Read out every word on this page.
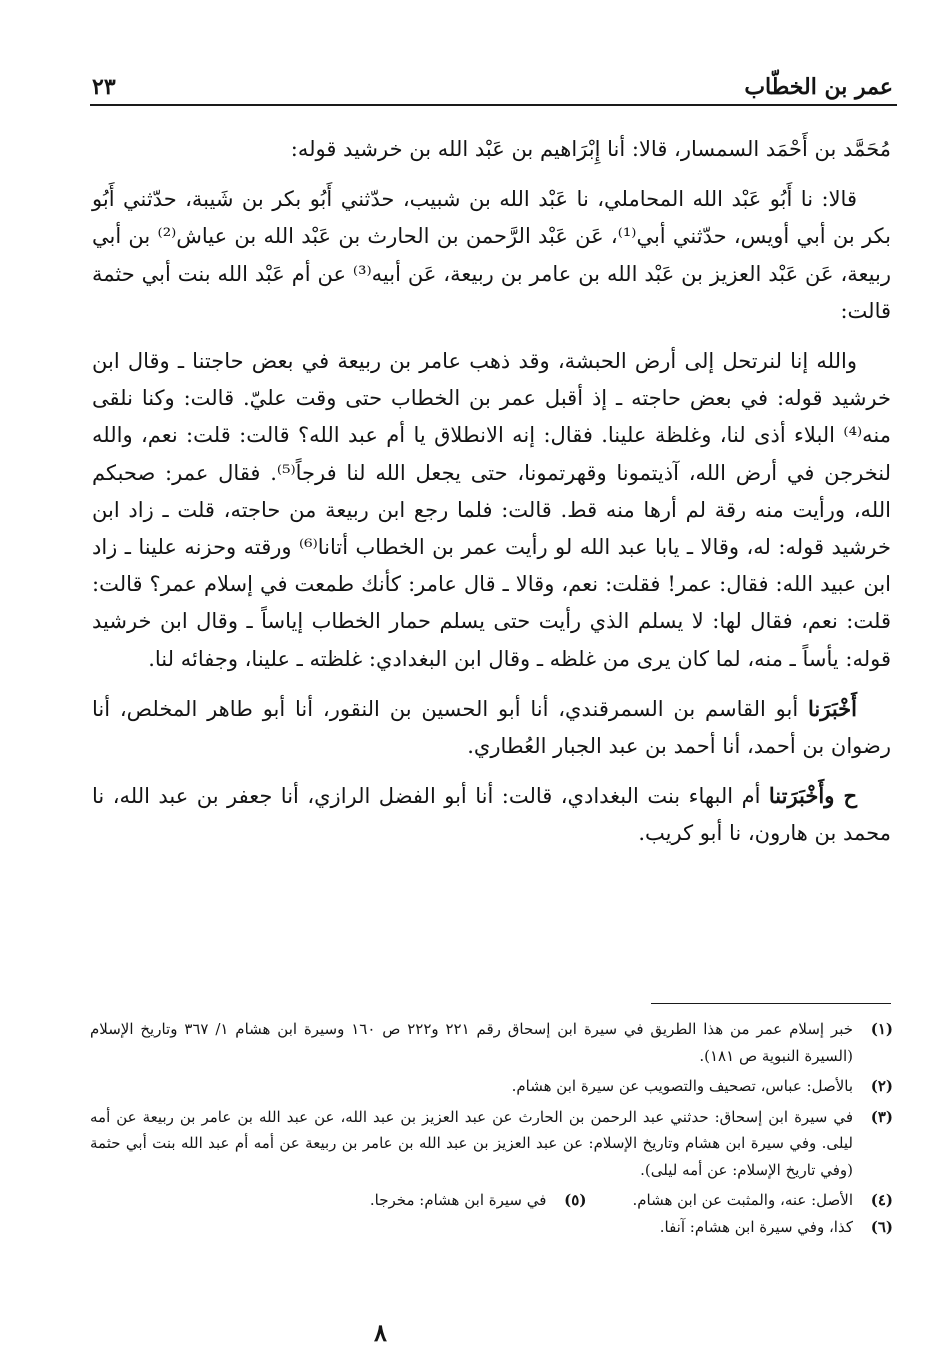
عمر بن الخطّاب
٢٣

مُحَمَّد بن أَحْمَد السمسار، قالا: أنا إِبْرَاهيم بن عَبْد الله بن خرشيد قوله:

قالا: نا أَبُو عَبْد الله المحاملي، نا عَبْد الله بن شبيب، حدّثني أَبُو بكر بن شَيبة، حدّثني أَبُو بكر بن أبي أويس، حدّثني أبي⁽¹⁾، عَن عَبْد الرَّحمن بن الحارث بن عَبْد الله بن عياش⁽²⁾ بن أبي ربيعة، عَن عَبْد العزيز بن عَبْد الله بن عامر بن ربيعة، عَن أبيه⁽³⁾ عن أم عَبْد الله بنت أبي حثمة قالت:

والله إنا لنرتحل إلى أرض الحبشة، وقد ذهب عامر بن ربيعة في بعض حاجتنا ـ وقال ابن خرشيد قوله: في بعض حاجته ـ إذ أقبل عمر بن الخطاب حتى وقت عليّ. قالت: وكنا نلقى منه⁽⁴⁾ البلاء أذى لنا، وغلظة علينا. فقال: إنه الانطلاق يا أم عبد الله؟ قالت: قلت: نعم، والله لنخرجن في أرض الله، آذيتمونا وقهرتمونا، حتى يجعل الله لنا فرجاً⁽⁵⁾. فقال عمر: صحبكم الله، ورأيت منه رقة لم أرها منه قط. قالت: فلما رجع ابن ربيعة من حاجته، قلت ـ زاد ابن خرشيد قوله: له، وقالا ـ يابا عبد الله لو رأيت عمر بن الخطاب أتانا⁽⁶⁾ ورقته وحزنه علينا ـ زاد ابن عبيد الله: فقال: عمر! فقلت: نعم، وقالا ـ قال عامر: كأنك طمعت في إسلام عمر؟ قالت: قلت: نعم، فقال لها: لا يسلم الذي رأيت حتى يسلم حمار الخطاب إياساً ـ وقال ابن خرشيد قوله: يأساً ـ منه، لما كان يرى من غلظه ـ وقال ابن البغدادي: غلظته ـ علينا، وجفائه لنا.

أَخْبَرَنا أبو القاسم بن السمرقندي، أنا أبو الحسين بن النقور، أنا أبو طاهر المخلص، أنا رضوان بن أحمد، أنا أحمد بن عبد الجبار العُطاري.

ح وأَخْبَرَتنا أم البهاء بنت البغدادي، قالت: أنا أبو الفضل الرازي، أنا جعفر بن عبد الله، نا محمد بن هارون، نا أبو كريب.

(١)
خبر إسلام عمر من هذا الطريق في سيرة ابن إسحاق رقم ٢٢١ و٢٢٢ ص ١٦٠ وسيرة ابن هشام ١/ ٣٦٧ وتاريخ الإسلام (السيرة النبوية ص ١٨١).
(٢)
بالأصل: عباس، تصحيف والتصويب عن سيرة ابن هشام.
(٣)
في سيرة ابن إسحاق: حدثني عبد الرحمن بن الحارث عن عبد العزيز بن عبد الله، عن عبد الله بن عامر بن ربيعة عن أمه ليلى. وفي سيرة ابن هشام وتاريخ الإسلام: عن عبد العزيز بن عبد الله بن عامر بن ربيعة عن أمه أم عبد الله بنت أبي حثمة (وفي تاريخ الإسلام: عن أمه ليلى).
(٤)
الأصل: عنه، والمثبت عن ابن هشام.
(٥)
في سيرة ابن هشام: مخرجا.
(٦)
كذا، وفي سيرة ابن هشام: آنفا.
٨
